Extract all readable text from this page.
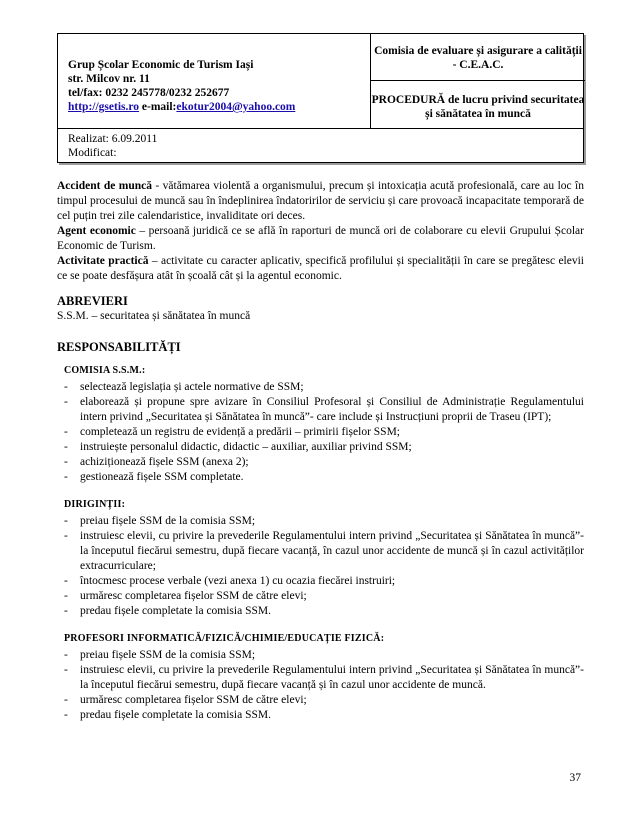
Grup Școlar Economic de Turism Iași
str. Milcov nr. 11
tel/fax: 0232 245778/0232 252677
http://gsetis.ro e-mail:ekotur2004@yahoo.com
Comisia de evaluare și asigurare a calității - C.E.A.C.
PROCEDURĂ de lucru privind securitatea și sănătatea în muncă
Realizat: 6.09.2011
Modificat:

Accident de muncă - vătămarea violentă a organismului, precum și intoxicația acută profesională, care au loc în timpul procesului de muncă sau în îndeplinirea îndatoririlor de serviciu și care provoacă incapacitate temporară de cel puțin trei zile calendaristice, invaliditate ori deces.

Agent economic – persoană juridică ce se află în raporturi de muncă ori de colaborare cu elevii Grupului Școlar Economic de Turism.

Activitate practică – activitate cu caracter aplicativ, specifică profilului și specialității în care se pregătesc elevii ce se poate desfășura atât în școală cât și la agentul economic.

ABREVIERI

S.S.M. – securitatea și sănătatea în muncă

RESPONSABILITĂȚI
COMISIA S.S.M.:
- selectează legislația și actele normative de SSM;
- elaborează și propune spre avizare în Consiliul Profesoral și Consiliul de Administrație Regulamentului intern privind „Securitatea și Sănătatea în muncă”- care include și Instrucțiuni proprii de Traseu (IPT);
- completează un registru de evidență a predării – primirii fișelor SSM;
- instruiește personalul didactic, didactic – auxiliar, auxiliar privind SSM;
- achiziționează fișele SSM (anexa 2);
- gestionează fișele SSM completate.
DIRIGINȚII:
- preiau fișele SSM de la comisia SSM;
- instruiesc elevii, cu privire la prevederile Regulamentului intern privind „Securitatea și Sănătatea în muncă”- la începutul fiecărui semestru, după fiecare vacanță, în cazul unor accidente de muncă și în cazul activităților extracurriculare;
- întocmesc procese verbale (vezi anexa 1) cu ocazia fiecărei instruiri;
- urmăresc completarea fișelor SSM de către elevi;
- predau fișele completate la comisia SSM.
PROFESORI INFORMATICĂ/FIZICĂ/CHIMIE/EDUCAȚIE FIZICĂ:
- preiau fișele SSM de la comisia SSM;
- instruiesc elevii, cu privire la prevederile Regulamentului intern privind „Securitatea și Sănătatea în muncă”- la începutul fiecărui semestru, după fiecare vacanță și în cazul unor accidente de muncă.
- urmăresc completarea fișelor SSM de către elevi;
- predau fișele completate la comisia SSM.
37
